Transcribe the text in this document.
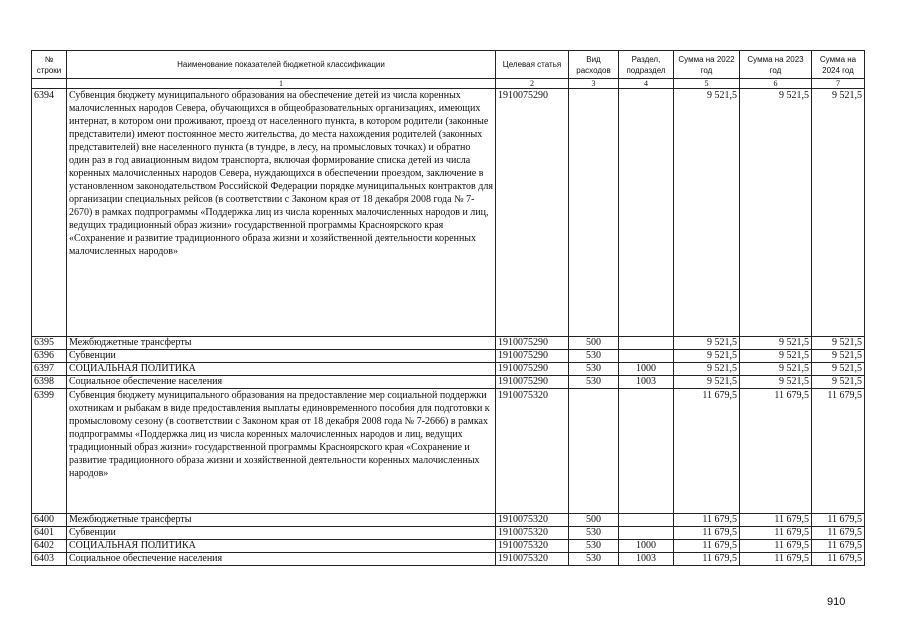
№ строки	Наименование показателей бюджетной классификации	Целевая статья	Вид расходов	Раздел, подраздел	Сумма на 2022 год	Сумма на 2023 год	Сумма на 2024 год
	1	2	3	4	5	6	7
6394	Субвенция бюджету муниципального образования на обеспечение детей из числа коренных малочисленных народов Севера, обучающихся в общеобразовательных организациях, имеющих интернат, в котором они проживают, проезд от населенного пункта, в котором родители (законные представители) имеют постоянное место жительства, до места нахождения родителей (законных представителей) вне населенного пункта (в тундре, в лесу, на промысловых точках) и обратно один раз в год авиационным видом транспорта, включая формирование списка детей из числа коренных малочисленных народов Севера, нуждающихся в обеспечении проездом, заключение в установленном законодательством Российской Федерации порядке муниципальных контрактов для организации специальных рейсов (в соответствии с Законом края от 18 декабря 2008 года № 7-2670) в рамках подпрограммы «Поддержка лиц из числа коренных малочисленных народов и лиц, ведущих традиционный образ жизни» государственной программы Красноярского края «Сохранение и развитие традиционного образа жизни и хозяйственной деятельности коренных малочисленных народов»	1910075290			9 521,5	9 521,5	9 521,5
6395	Межбюджетные трансферты	1910075290	500		9 521,5	9 521,5	9 521,5
6396	Субвенции	1910075290	530		9 521,5	9 521,5	9 521,5
6397	СОЦИАЛЬНАЯ ПОЛИТИКА	1910075290	530	1000	9 521,5	9 521,5	9 521,5
6398	Социальное обеспечение населения	1910075290	530	1003	9 521,5	9 521,5	9 521,5
6399	Субвенция бюджету муниципального образования на предоставление мер социальной поддержки охотникам и рыбакам в виде предоставления выплаты единовременного пособия для подготовки к промысловому сезону (в соответствии с Законом края от 18 декабря 2008 года № 7-2666) в рамках подпрограммы «Поддержка лиц из числа коренных малочисленных народов и лиц, ведущих традиционный образ жизни» государственной программы Красноярского края «Сохранение и развитие традиционного образа жизни и хозяйственной деятельности коренных малочисленных народов»	1910075320			11 679,5	11 679,5	11 679,5
6400	Межбюджетные трансферты	1910075320	500		11 679,5	11 679,5	11 679,5
6401	Субвенции	1910075320	530		11 679,5	11 679,5	11 679,5
6402	СОЦИАЛЬНАЯ ПОЛИТИКА	1910075320	530	1000	11 679,5	11 679,5	11 679,5
6403	Социальное обеспечение населения	1910075320	530	1003	11 679,5	11 679,5	11 679,5
910
